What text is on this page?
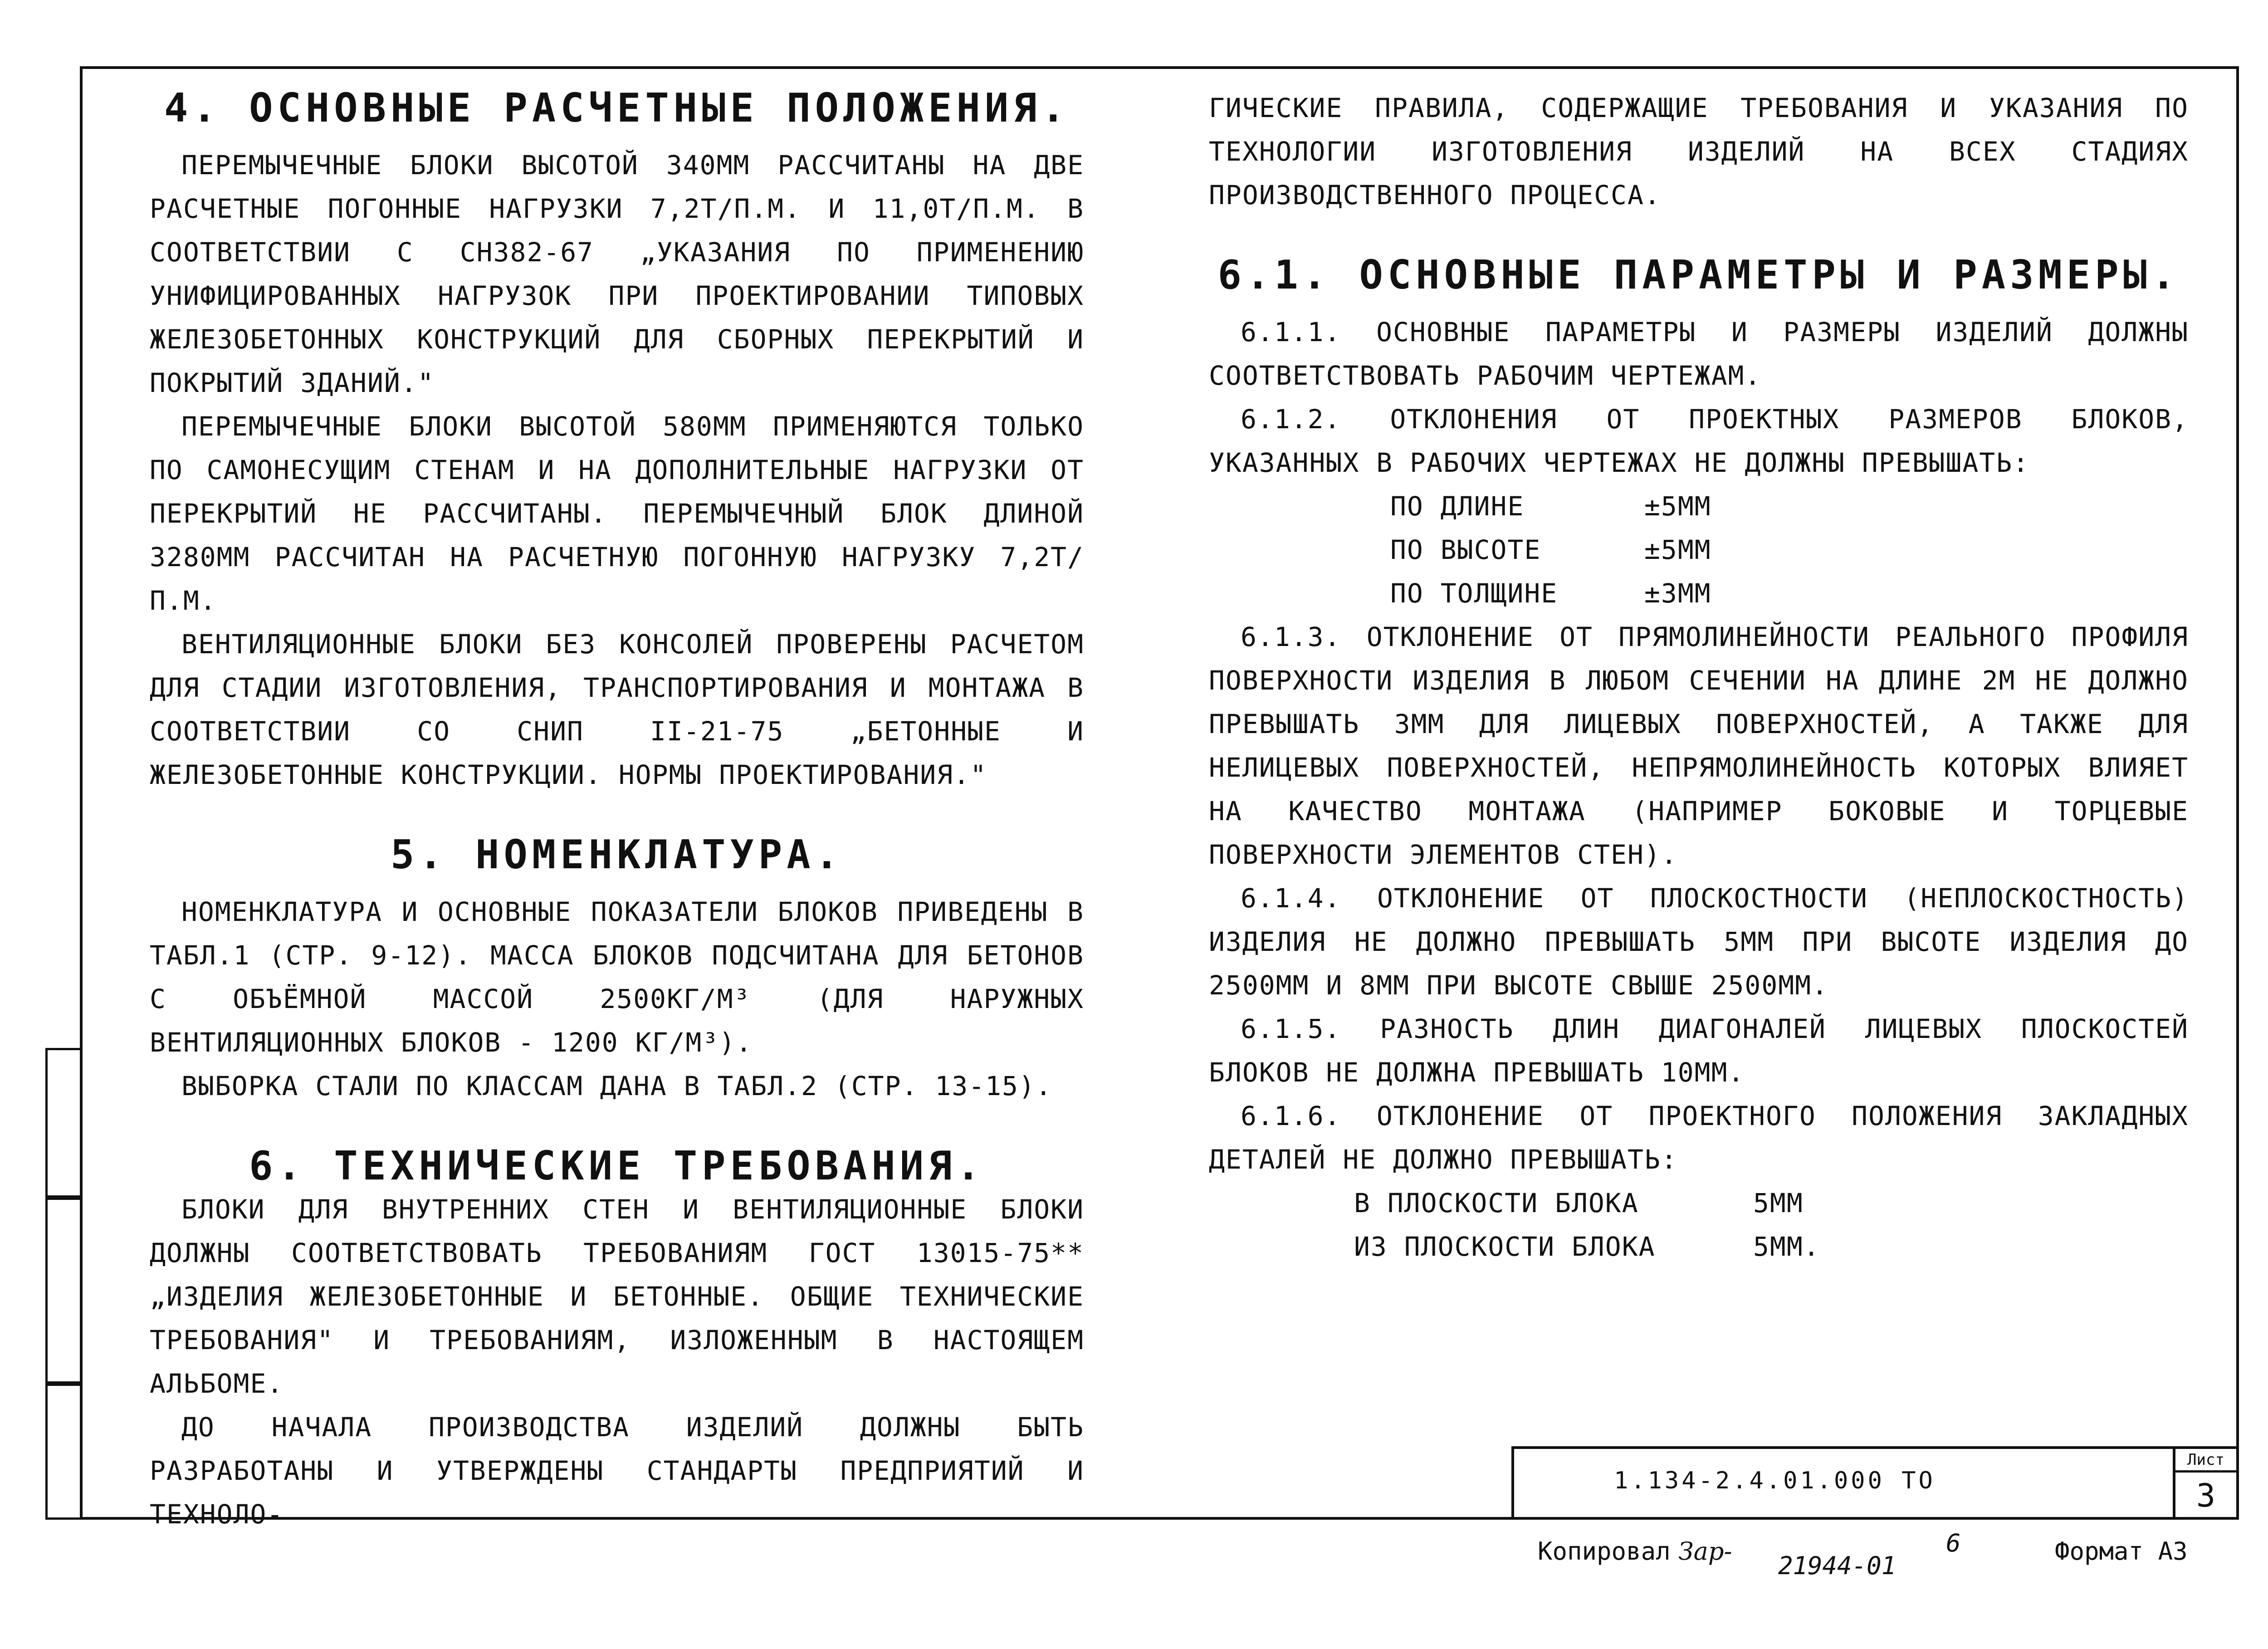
4. ОСНОВНЫЕ РАСЧЕТНЫЕ ПОЛОЖЕНИЯ.

ПЕРЕМЫЧЕЧНЫЕ БЛОКИ ВЫСОТОЙ 340ММ РАССЧИТАНЫ НА ДВЕ РАСЧЕТНЫЕ ПОГОННЫЕ НАГРУЗКИ 7,2Т/П.М. И 11,0Т/П.М. В СООТВЕТСТВИИ С СН382-67 „УКАЗАНИЯ ПО ПРИМЕНЕНИЮ УНИФИЦИРОВАННЫХ НАГРУЗОК ПРИ ПРОЕКТИРОВАНИИ ТИПОВЫХ ЖЕЛЕЗОБЕТОННЫХ КОНСТРУКЦИЙ ДЛЯ СБОРНЫХ ПЕРЕКРЫТИЙ И ПОКРЫТИЙ ЗДАНИЙ."

ПЕРЕМЫЧЕЧНЫЕ БЛОКИ ВЫСОТОЙ 580ММ ПРИМЕНЯЮТСЯ ТОЛЬКО ПО САМОНЕСУЩИМ СТЕНАМ И НА ДОПОЛНИТЕЛЬНЫЕ НАГРУЗКИ ОТ ПЕРЕКРЫТИЙ НЕ РАССЧИТАНЫ. ПЕРЕМЫЧЕЧНЫЙ БЛОК ДЛИНОЙ 3280ММ РАССЧИТАН НА РАСЧЕТНУЮ ПОГОННУЮ НАГРУЗКУ 7,2Т/П.М.

ВЕНТИЛЯЦИОННЫЕ БЛОКИ БЕЗ КОНСОЛЕЙ ПРОВЕРЕНЫ РАСЧЕТОМ ДЛЯ СТАДИИ ИЗГОТОВЛЕНИЯ, ТРАНСПОРТИРОВАНИЯ И МОНТАЖА В СООТВЕТСТВИИ СО СНИП II-21-75 „БЕТОННЫЕ И ЖЕЛЕЗОБЕТОННЫЕ КОНСТРУКЦИИ. НОРМЫ ПРОЕКТИРОВАНИЯ."

5. НОМЕНКЛАТУРА.

НОМЕНКЛАТУРА И ОСНОВНЫЕ ПОКАЗАТЕЛИ БЛОКОВ ПРИВЕДЕНЫ В ТАБЛ.1 (СТР. 9-12). МАССА БЛОКОВ ПОДСЧИТАНА ДЛЯ БЕТОНОВ С ОБЪЁМНОЙ МАССОЙ 2500КГ/М³ (ДЛЯ НАРУЖНЫХ ВЕНТИЛЯЦИОННЫХ БЛОКОВ - 1200 КГ/М³).

ВЫБОРКА СТАЛИ ПО КЛАССАМ ДАНА В ТАБЛ.2 (СТР. 13-15).

6. ТЕХНИЧЕСКИЕ ТРЕБОВАНИЯ.

БЛОКИ ДЛЯ ВНУТРЕННИХ СТЕН И ВЕНТИЛЯЦИОННЫЕ БЛОКИ ДОЛЖНЫ СООТВЕТСТВОВАТЬ ТРЕБОВАНИЯМ ГОСТ 13015-75** „ИЗДЕЛИЯ ЖЕЛЕЗОБЕТОННЫЕ И БЕТОННЫЕ. ОБЩИЕ ТЕХНИЧЕСКИЕ ТРЕБОВАНИЯ" И ТРЕБОВАНИЯМ, ИЗЛОЖЕННЫМ В НАСТОЯЩЕМ АЛЬБОМЕ.

ДО НАЧАЛА ПРОИЗВОДСТВА ИЗДЕЛИЙ ДОЛЖНЫ БЫТЬ РАЗРАБОТАНЫ И УТВЕРЖДЕНЫ СТАНДАРТЫ ПРЕДПРИЯТИЙ И ТЕХНОЛО-

ГИЧЕСКИЕ ПРАВИЛА, СОДЕРЖАЩИЕ ТРЕБОВАНИЯ И УКАЗАНИЯ ПО ТЕХНОЛОГИИ ИЗГОТОВЛЕНИЯ ИЗДЕЛИЙ НА ВСЕХ СТАДИЯХ ПРОИЗВОДСТВЕННОГО ПРОЦЕССА.

6.1. ОСНОВНЫЕ ПАРАМЕТРЫ И РАЗМЕРЫ.

6.1.1. ОСНОВНЫЕ ПАРАМЕТРЫ И РАЗМЕРЫ ИЗДЕЛИЙ ДОЛЖНЫ СООТВЕТСТВОВАТЬ РАБОЧИМ ЧЕРТЕЖАМ.

6.1.2. ОТКЛОНЕНИЯ ОТ ПРОЕКТНЫХ РАЗМЕРОВ БЛОКОВ, УКАЗАННЫХ В РАБОЧИХ ЧЕРТЕЖАХ НЕ ДОЛЖНЫ ПРЕВЫШАТЬ:

ПО ДЛИНЕ	±5ММ
ПО ВЫСОТЕ	±5ММ
ПО ТОЛЩИНЕ	±3ММ

6.1.3. ОТКЛОНЕНИЕ ОТ ПРЯМОЛИНЕЙНОСТИ РЕАЛЬНОГО ПРОФИЛЯ ПОВЕРХНОСТИ ИЗДЕЛИЯ В ЛЮБОМ СЕЧЕНИИ НА ДЛИНЕ 2М НЕ ДОЛЖНО ПРЕВЫШАТЬ 3ММ ДЛЯ ЛИЦЕВЫХ ПОВЕРХНОСТЕЙ, А ТАКЖЕ ДЛЯ НЕЛИЦЕВЫХ ПОВЕРХНОСТЕЙ, НЕПРЯМОЛИНЕЙНОСТЬ КОТОРЫХ ВЛИЯЕТ НА КАЧЕСТВО МОНТАЖА (НАПРИМЕР БОКОВЫЕ И ТОРЦЕВЫЕ ПОВЕРХНОСТИ ЭЛЕМЕНТОВ СТЕН).

6.1.4. ОТКЛОНЕНИЕ ОТ ПЛОСКОСТНОСТИ (НЕПЛОСКОСТНОСТЬ) ИЗДЕЛИЯ НЕ ДОЛЖНО ПРЕВЫШАТЬ 5ММ ПРИ ВЫСОТЕ ИЗДЕЛИЯ ДО 2500ММ И 8ММ ПРИ ВЫСОТЕ СВЫШЕ 2500ММ.

6.1.5. РАЗНОСТЬ ДЛИН ДИАГОНАЛЕЙ ЛИЦЕВЫХ ПЛОСКОСТЕЙ БЛОКОВ НЕ ДОЛЖНА ПРЕВЫШАТЬ 10ММ.

6.1.6. ОТКЛОНЕНИЕ ОТ ПРОЕКТНОГО ПОЛОЖЕНИЯ ЗАКЛАДНЫХ ДЕТАЛЕЙ НЕ ДОЛЖНО ПРЕВЫШАТЬ:

В ПЛОСКОСТИ БЛОКА	5ММ
ИЗ ПЛОСКОСТИ БЛОКА	5ММ.
1.134-2.4.01.000 ТО
Лист
3
Копировал Зар-
21944-01
6	Формат А3
